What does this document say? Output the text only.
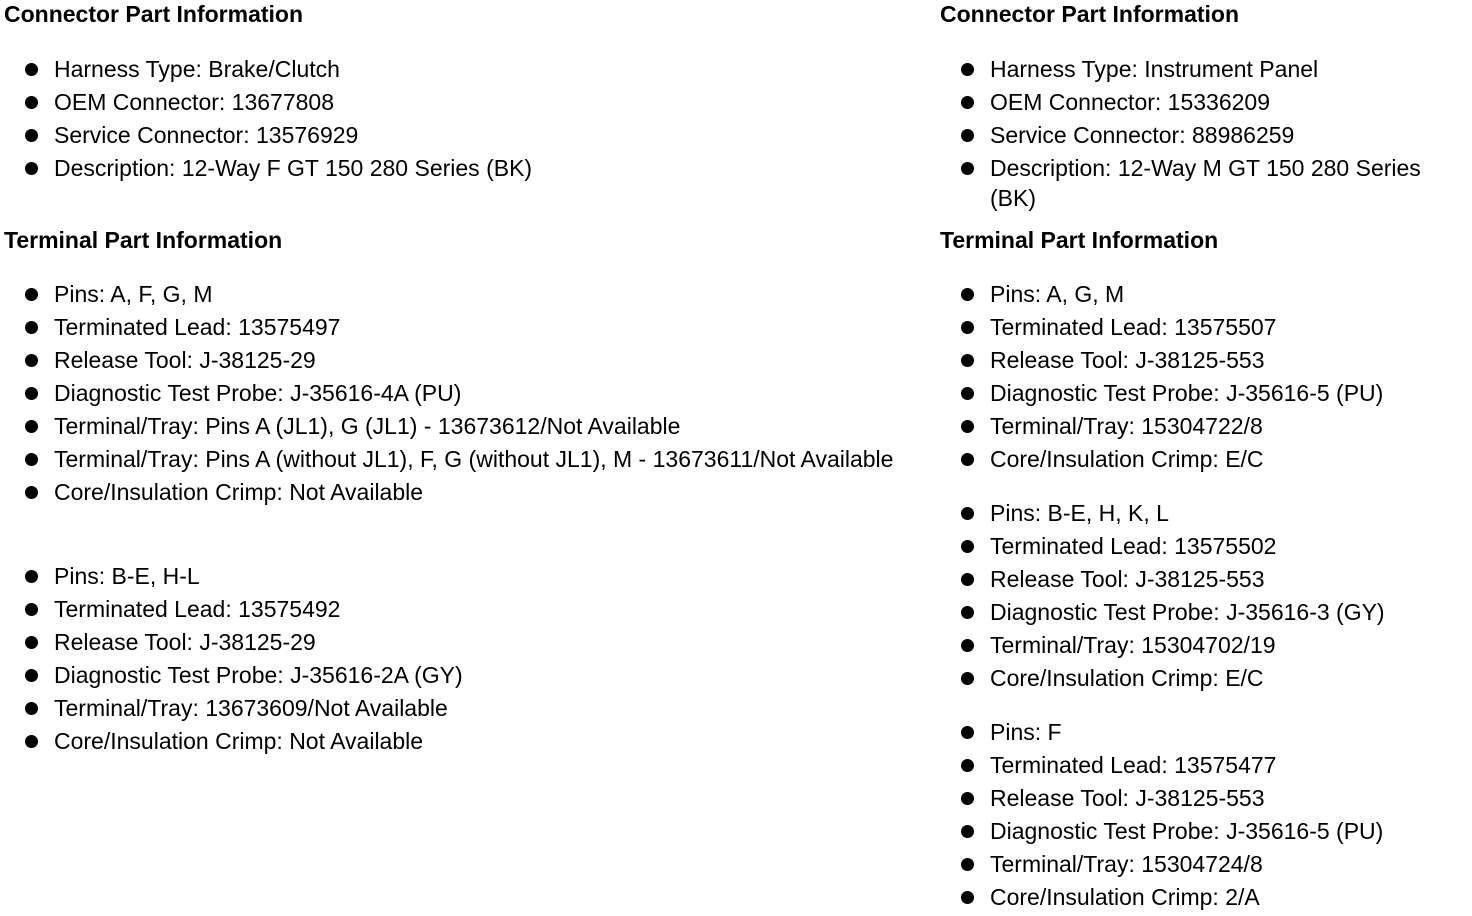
Connector Part Information
Harness Type: Brake/Clutch
OEM Connector: 13677808
Service Connector: 13576929
Description: 12-Way F GT 150 280 Series (BK)
Terminal Part Information
Pins: A, F, G, M
Terminated Lead: 13575497
Release Tool: J-38125-29
Diagnostic Test Probe: J-35616-4A (PU)
Terminal/Tray: Pins A (JL1), G (JL1) - 13673612/Not Available
Terminal/Tray: Pins A (without JL1), F, G (without JL1), M - 13673611/Not Available
Core/Insulation Crimp: Not Available
Pins: B-E, H-L
Terminated Lead: 13575492
Release Tool: J-38125-29
Diagnostic Test Probe: J-35616-2A (GY)
Terminal/Tray: 13673609/Not Available
Core/Insulation Crimp: Not Available
Connector Part Information
Harness Type: Instrument Panel
OEM Connector: 15336209
Service Connector: 88986259
Description: 12-Way M GT 150 280 Series (BK)
Terminal Part Information
Pins: A, G, M
Terminated Lead: 13575507
Release Tool: J-38125-553
Diagnostic Test Probe: J-35616-5 (PU)
Terminal/Tray: 15304722/8
Core/Insulation Crimp: E/C
Pins: B-E, H, K, L
Terminated Lead: 13575502
Release Tool: J-38125-553
Diagnostic Test Probe: J-35616-3 (GY)
Terminal/Tray: 15304702/19
Core/Insulation Crimp: E/C
Pins: F
Terminated Lead: 13575477
Release Tool: J-38125-553
Diagnostic Test Probe: J-35616-5 (PU)
Terminal/Tray: 15304724/8
Core/Insulation Crimp: 2/A
